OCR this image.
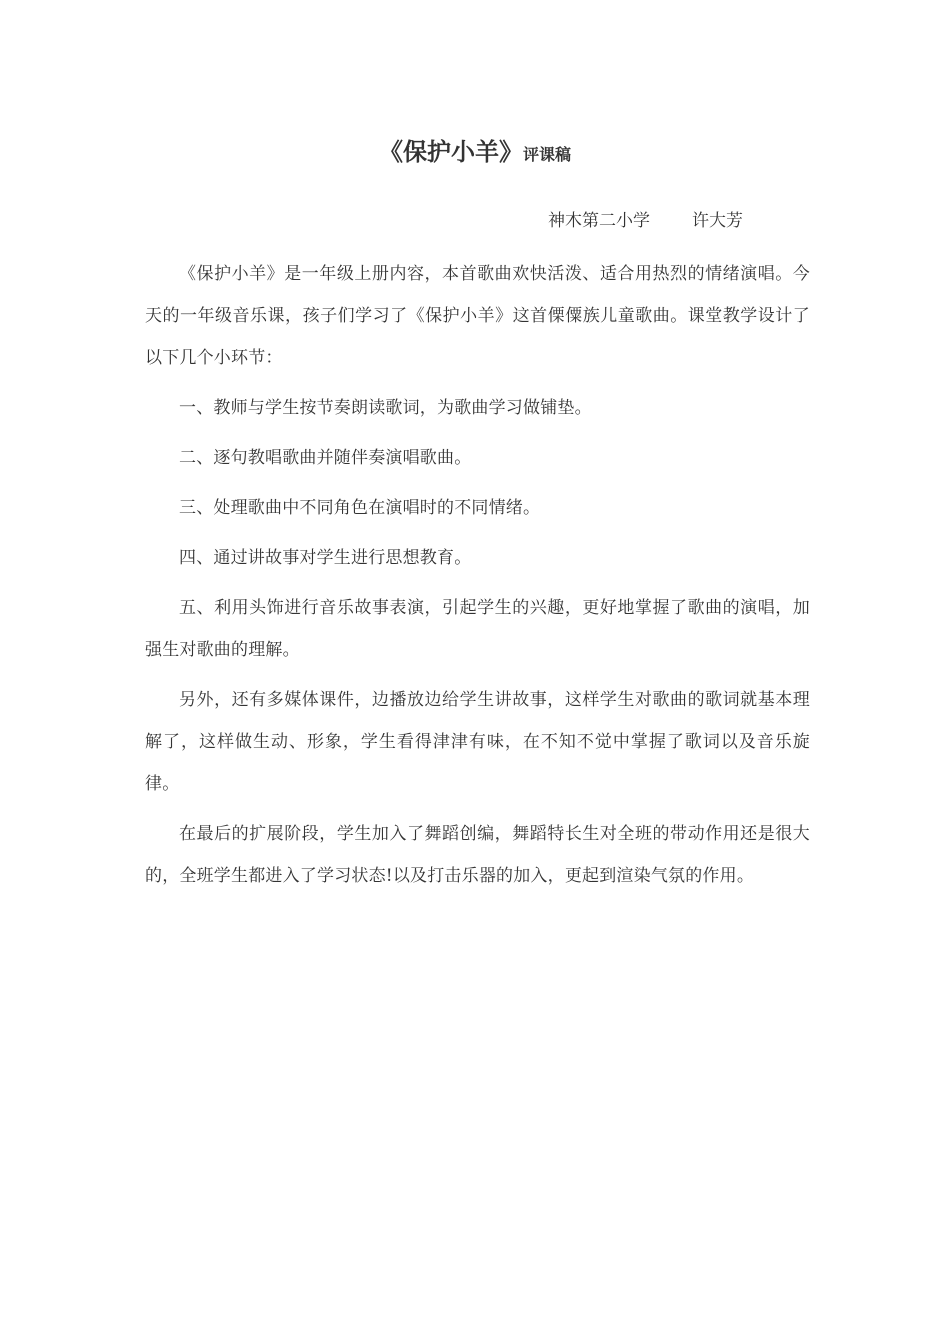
《保护小羊》评课稿
神木第二小学 许大芳

《保护小羊》是一年级上册内容，本首歌曲欢快活泼、适合用热烈的情绪演唱。今天的一年级音乐课，孩子们学习了《保护小羊》这首傈僳族儿童歌曲。课堂教学设计了以下几个小环节：

一、教师与学生按节奏朗读歌词，为歌曲学习做铺垫。

二、逐句教唱歌曲并随伴奏演唱歌曲。

三、处理歌曲中不同角色在演唱时的不同情绪。

四、通过讲故事对学生进行思想教育。

五、利用头饰进行音乐故事表演，引起学生的兴趣，更好地掌握了歌曲的演唱，加强生对歌曲的理解。

另外，还有多媒体课件，边播放边给学生讲故事，这样学生对歌曲的歌词就基本理解了，这样做生动、形象，学生看得津津有味，在不知不觉中掌握了歌词以及音乐旋律。

在最后的扩展阶段，学生加入了舞蹈创编，舞蹈特长生对全班的带动作用还是很大的，全班学生都进入了学习状态!以及打击乐器的加入，更起到渲染气氛的作用。
